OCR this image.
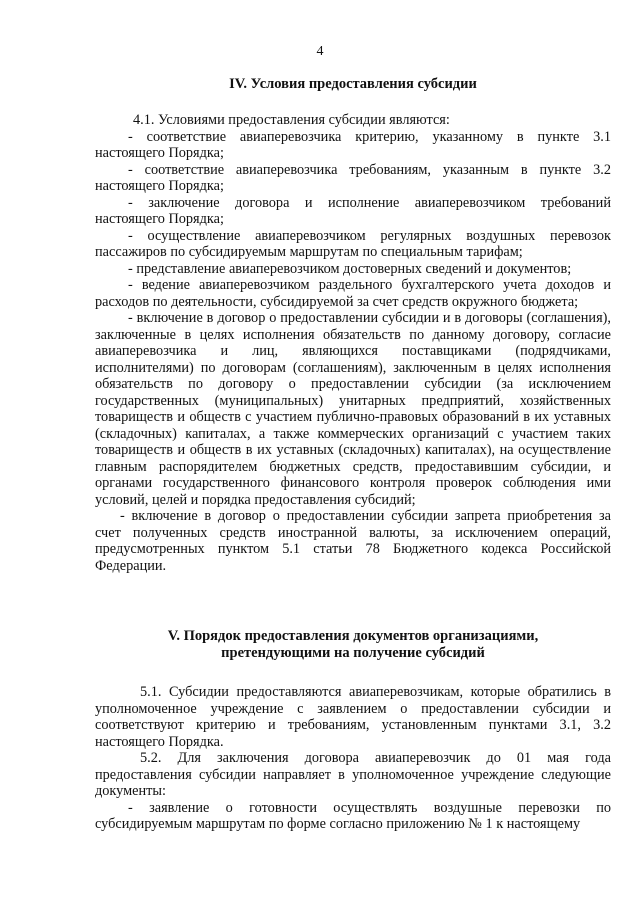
4
IV. Условия предоставления субсидии

4.1. Условиями предоставления субсидии являются:

- соответствие авиаперевозчика критерию, указанному в пункте 3.1 настоящего Порядка;

- соответствие авиаперевозчика требованиям, указанным в пункте 3.2 настоящего Порядка;

- заключение договора и исполнение авиаперевозчиком требований настоящего Порядка;

- осуществление авиаперевозчиком регулярных воздушных перевозок пассажиров по субсидируемым маршрутам по специальным тарифам;

- представление авиаперевозчиком достоверных сведений и документов;

- ведение авиаперевозчиком раздельного бухгалтерского учета доходов и расходов по деятельности, субсидируемой за счет средств окружного бюджета;

- включение в договор о предоставлении субсидии и в договоры (соглашения), заключенные в целях исполнения обязательств по данному договору, согласие авиаперевозчика и лиц, являющихся поставщиками (подрядчиками, исполнителями) по договорам (соглашениям), заключенным в целях исполнения обязательств по договору о предоставлении субсидии (за исключением государственных (муниципальных) унитарных предприятий, хозяйственных товариществ и обществ с участием публично-правовых образований в их уставных (складочных) капиталах, а также коммерческих организаций с участием таких товариществ и обществ в их уставных (складочных) капиталах), на осуществление главным распорядителем бюджетных средств, предоставившим субсидии, и органами государственного финансового контроля проверок соблюдения ими условий, целей и порядка предоставления субсидий;

- включение в договор о предоставлении субсидии запрета приобретения за счет полученных средств иностранной валюты, за исключением операций, предусмотренных пунктом 5.1 статьи 78 Бюджетного кодекса Российской Федерации.

V. Порядок предоставления документов организациями,
претендующими на получение субсидий

5.1. Субсидии предоставляются авиаперевозчикам, которые обратились в уполномоченное учреждение с заявлением о предоставлении субсидии и соответствуют критерию и требованиям, установленным пунктами 3.1, 3.2 настоящего Порядка.

5.2. Для заключения договора авиаперевозчик до 01 мая года предоставления субсидии направляет в уполномоченное учреждение следующие документы:

- заявление о готовности осуществлять воздушные перевозки по субсидируемым маршрутам по форме согласно приложению № 1 к настоящему
